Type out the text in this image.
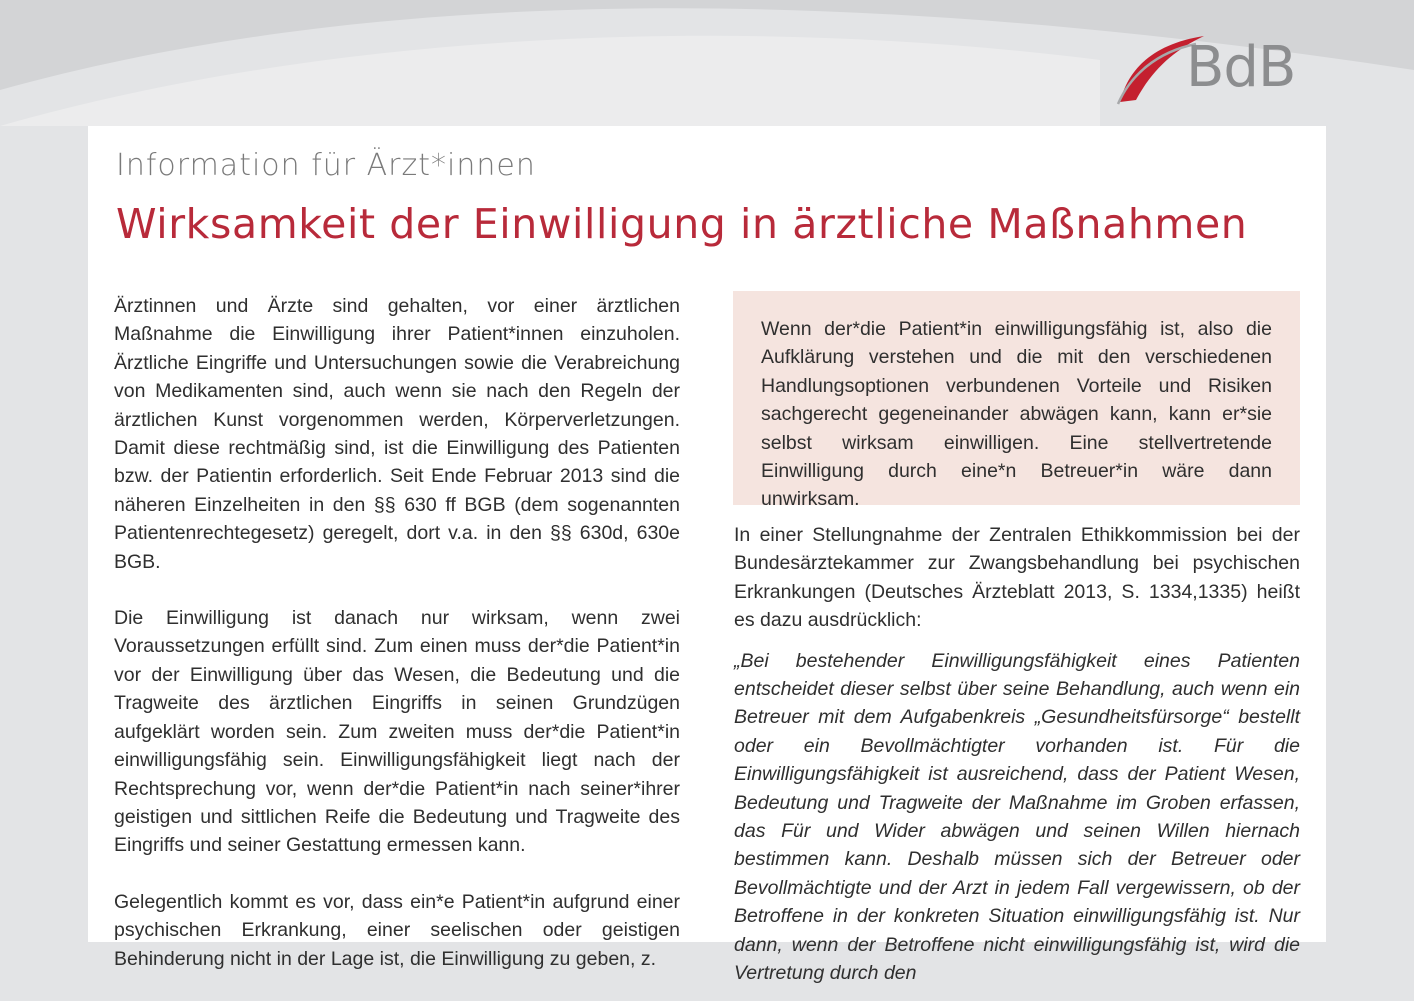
BdB
Information für Ärzt*innen
Wirksamkeit der Einwilligung in ärztliche Maßnahmen

Ärztinnen und Ärzte sind gehalten, vor einer ärztlichen Maßnahme die Einwilligung ihrer Patient*innen einzuholen. Ärztliche Eingriffe und Untersuchungen sowie die Verabreichung von Medikamenten sind, auch wenn sie nach den Regeln der ärztlichen Kunst vorgenommen werden, Körperverletzungen. Damit diese rechtmäßig sind, ist die Einwilligung des Patienten bzw. der Patientin erforderlich. Seit Ende Februar 2013 sind die näheren Einzelheiten in den §§ 630 ff BGB (dem sogenannten Patientenrechtegesetz) geregelt, dort v.a. in den §§ 630d, 630e BGB.

Die Einwilligung ist danach nur wirksam, wenn zwei Voraussetzungen erfüllt sind. Zum einen muss der*die Patient*in vor der Einwilligung über das Wesen, die Bedeutung und die Tragweite des ärztlichen Eingriffs in seinen Grundzügen aufgeklärt worden sein. Zum zweiten muss der*die Patient*in einwilligungsfähig sein. Einwilligungsfähigkeit liegt nach der Rechtsprechung vor, wenn der*die Patient*in nach seiner*ihrer geistigen und sittlichen Reife die Bedeutung und Tragweite des Eingriffs und seiner Gestattung ermessen kann.

Gelegentlich kommt es vor, dass ein*e Patient*in aufgrund einer psychischen Erkrankung, einer seelischen oder geistigen Behinderung nicht in der Lage ist, die Einwilligung zu geben, z.

Wenn der*die Patient*in einwilligungsfähig ist, also die Aufklärung verstehen und die mit den verschiedenen Handlungsoptionen verbundenen Vorteile und Risiken sachgerecht gegeneinander abwägen kann, kann er*sie selbst wirksam einwilligen. Eine stellvertretende Einwilligung durch eine*n Betreuer*in wäre dann unwirksam.

In einer Stellungnahme der Zentralen Ethikkommission bei der Bundesärztekammer zur Zwangsbehandlung bei psychischen Erkrankungen (Deutsches Ärzteblatt 2013, S. 1334,1335) heißt es dazu ausdrücklich:

„Bei bestehender Einwilligungsfähigkeit eines Patienten entscheidet dieser selbst über seine Behandlung, auch wenn ein Betreuer mit dem Aufgabenkreis „Gesundheitsfürsorge“ bestellt oder ein Bevollmächtigter vorhanden ist. Für die Einwilligungsfähigkeit ist ausreichend, dass der Patient Wesen, Bedeutung und Tragweite der Maßnahme im Groben erfassen, das Für und Wider abwägen und seinen Willen hiernach bestimmen kann. Deshalb müssen sich der Betreuer oder Bevollmächtigte und der Arzt in jedem Fall vergewissern, ob der Betroffene in der konkreten Situation einwilligungsfähig ist. Nur dann, wenn der Betroffene nicht einwilligungsfähig ist, wird die Vertretung durch den
